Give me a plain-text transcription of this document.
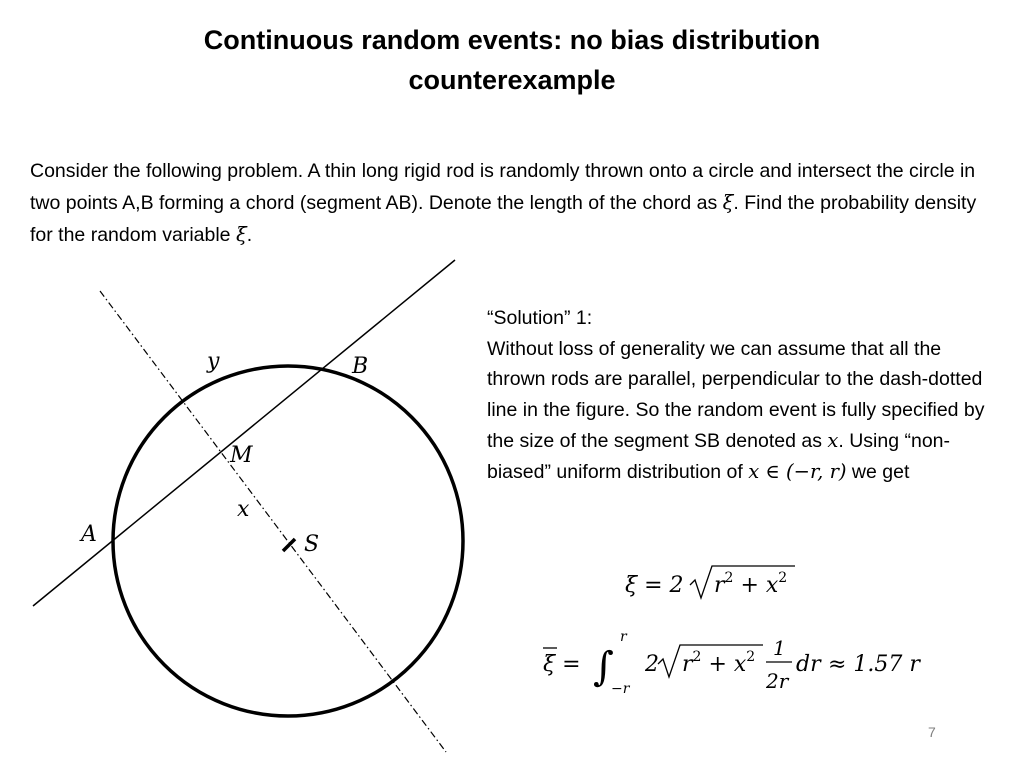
Continuous random events: no bias distribution
counterexample
Consider the following problem. A thin long rigid rod is randomly thrown onto a circle and intersect the circle in two points A,B forming a chord (segment AB). Denote the length of the chord as ξ. Find the probability density for the random variable ξ.

“Solution” 1:

Without loss of generality we can assume that all the thrown rods are parallel, perpendicular to the dash-dotted line in the figure. So the random event is fully specified by the size of the segment SB denoted as x. Using “non-biased” uniform distribution of x ∈ (−r, r) we get

y	B
M
x
A	S
ξ = 2 $r^2 + x^2$
ξ = ∫
r
−r
2 $r^2 + x^2$ 1
2r
dr ≈ 1.57 r
7
